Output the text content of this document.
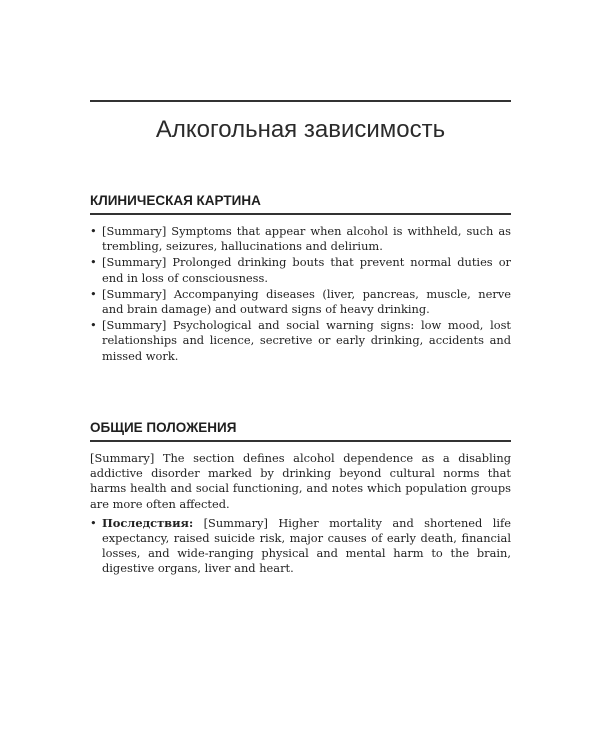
Алкогольная зависимость
КЛИНИЧЕСКАЯ КАРТИНА
• [Summary] Symptoms that appear when alcohol is withheld, such as trembling, seizures, hallucinations and delirium.
• [Summary] Prolonged drinking bouts that prevent normal duties or end in loss of consciousness.
• [Summary] Accompanying diseases (liver, pancreas, muscle, nerve and brain damage) and outward signs of heavy drinking.
• [Summary] Psychological and social warning signs: low mood, lost relationships and licence, secretive or early drinking, accidents and missed work.
ОБЩИЕ ПОЛОЖЕНИЯ

[Summary] The section defines alcohol dependence as a disabling addictive disorder marked by drinking beyond cultural norms that harms health and social functioning, and notes which population groups are more often affected.

• Последствия: [Summary] Higher mortality and shortened life expectancy, raised suicide risk, major causes of early death, financial losses, and wide-ranging physical and mental harm to the brain, digestive organs, liver and heart.
